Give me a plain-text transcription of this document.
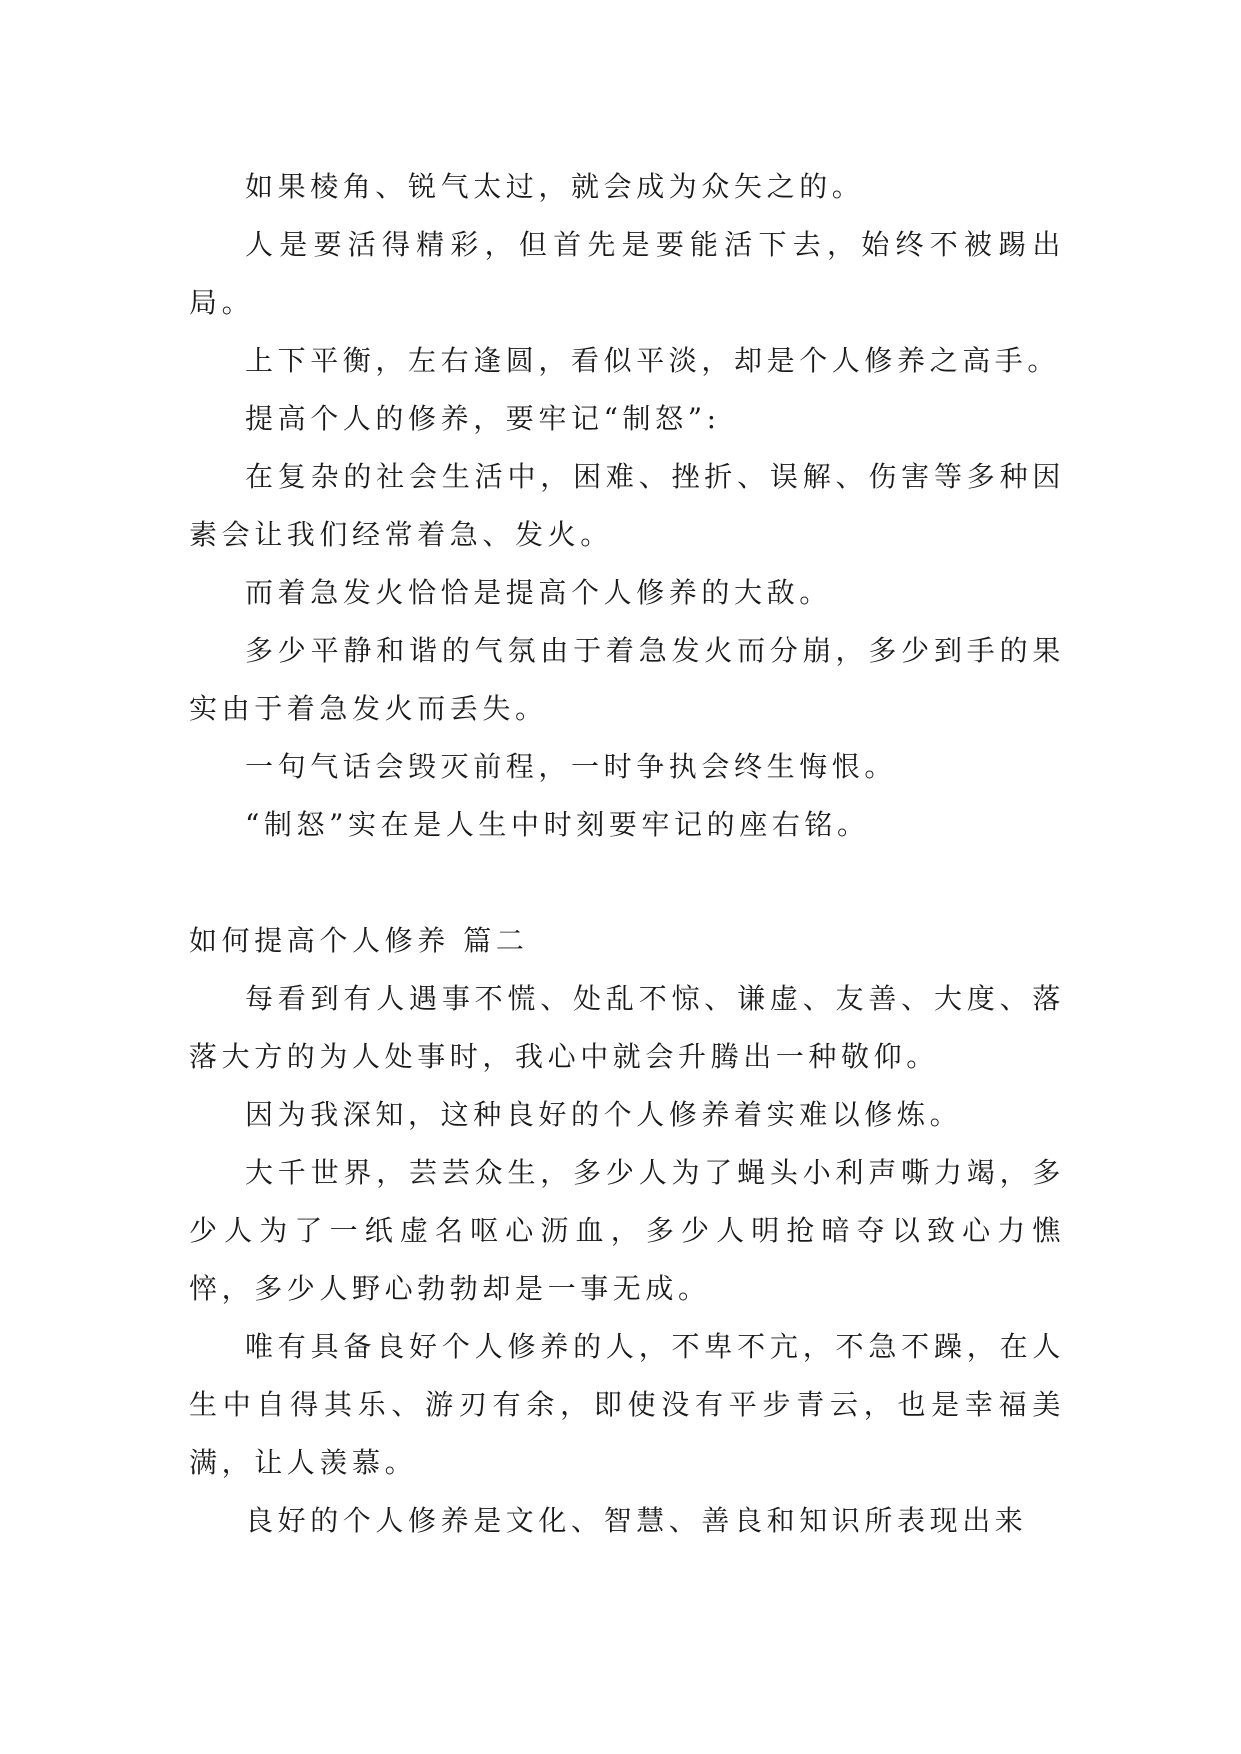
如果棱角、锐气太过，就会成为众矢之的。

人是要活得精彩，但首先是要能活下去，始终不被踢出局。

上下平衡，左右逢圆，看似平淡，却是个人修养之高手。

提高个人的修养，要牢记“制怒”:

在复杂的社会生活中，困难、挫折、误解、伤害等多种因素会让我们经常着急、发火。

而着急发火恰恰是提高个人修养的大敌。

多少平静和谐的气氛由于着急发火而分崩，多少到手的果实由于着急发火而丢失。

一句气话会毁灭前程，一时争执会终生悔恨。

“制怒”实在是人生中时刻要牢记的座右铭。

如何提高个人修养 篇二

每看到有人遇事不慌、处乱不惊、谦虚、友善、大度、落落大方的为人处事时，我心中就会升腾出一种敬仰。

因为我深知，这种良好的个人修养着实难以修炼。

大千世界，芸芸众生，多少人为了蝇头小利声嘶力竭，多少人为了一纸虚名呕心沥血，多少人明抢暗夺以致心力憔悴，多少人野心勃勃却是一事无成。

唯有具备良好个人修养的人，不卑不亢，不急不躁，在人生中自得其乐、游刃有余，即使没有平步青云，也是幸福美满，让人羡慕。

良好的个人修养是文化、智慧、善良和知识所表现出来
